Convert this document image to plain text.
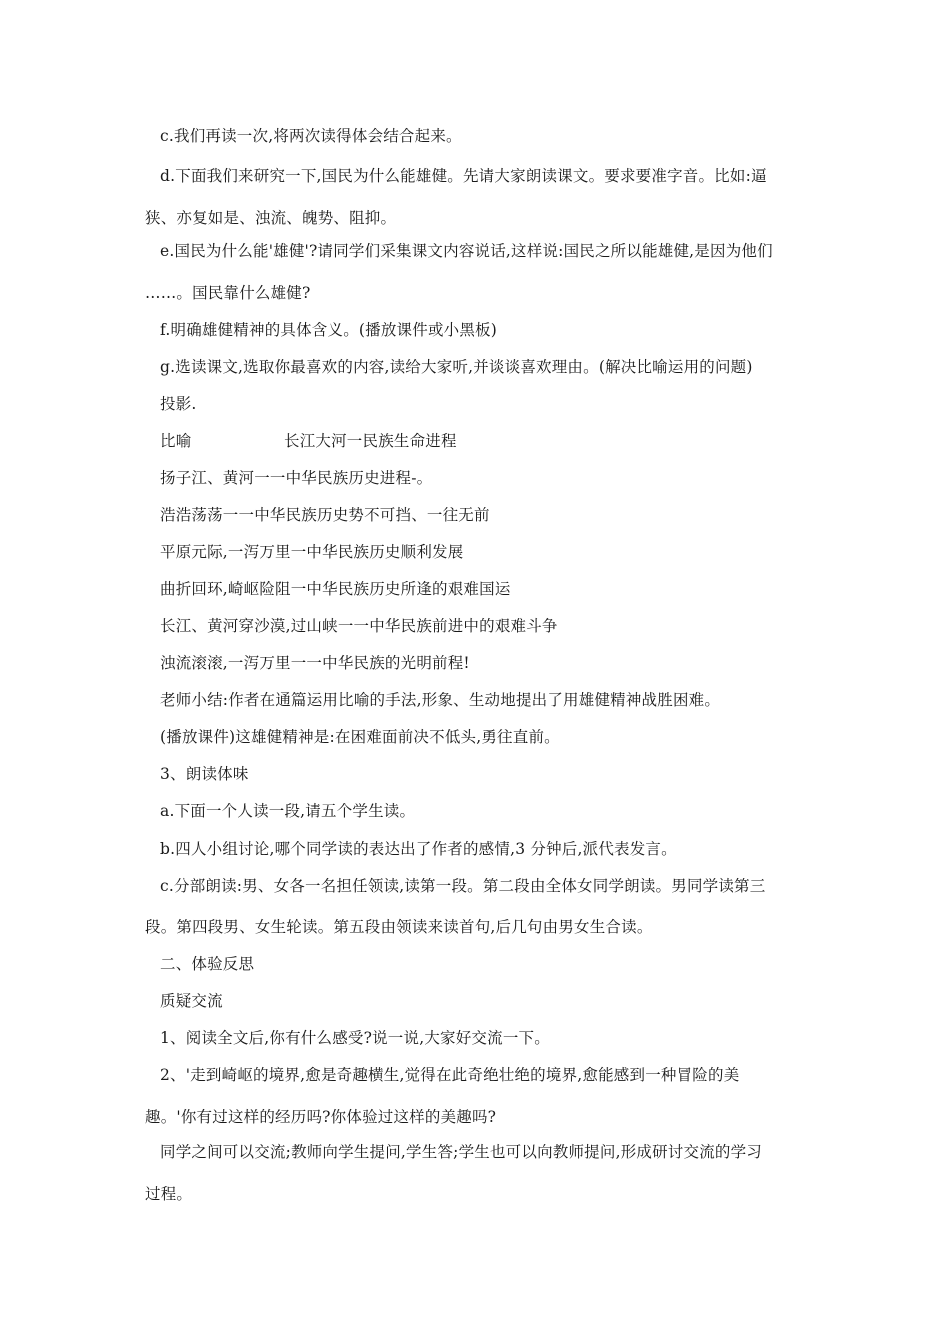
c.我们再读一次,将两次读得体会结合起来。
d.下面我们来研究一下,国民为什么能雄健。先请大家朗读课文。要求要准字音。比如:逼
狭、亦复如是、浊流、魄势、阻抑。
e.国民为什么能'雄健'?请同学们采集课文内容说话,这样说:国民之所以能雄健,是因为他们
……。国民靠什么雄健?
f.明确雄健精神的具体含义。(播放课件或小黑板)
g.选读课文,选取你最喜欢的内容,读给大家听,并谈谈喜欢理由。(解决比喻运用的问题)
投影.
比喻	长江大河一民族生命进程
扬子江、黄河一一中华民族历史进程-。
浩浩荡荡一一中华民族历史势不可挡、一往无前
平原元际,一泻万里一中华民族历史顺利发展
曲折回环,崎岖险阻一中华民族历史所逢的艰难国运
长江、黄河穿沙漠,过山峡一一中华民族前进中的艰难斗争
浊流滚滚,一泻万里一一中华民族的光明前程!
老师小结:作者在通篇运用比喻的手法,形象、生动地提出了用雄健精神战胜困难。
(播放课件)这雄健精神是:在困难面前决不低头,勇往直前。
3、朗读体味
a.下面一个人读一段,请五个学生读。
b.四人小组讨论,哪个同学读的表达出了作者的感情,3 分钟后,派代表发言。
c.分部朗读:男、女各一名担任领读,读第一段。第二段由全体女同学朗读。男同学读第三
段。第四段男、女生轮读。第五段由领读来读首句,后几句由男女生合读。
二、体验反思
质疑交流
1、阅读全文后,你有什么感受?说一说,大家好交流一下。
2、'走到崎岖的境界,愈是奇趣横生,觉得在此奇绝壮绝的境界,愈能感到一种冒险的美
趣。'你有过这样的经历吗?你体验过这样的美趣吗?
同学之间可以交流;教师向学生提问,学生答;学生也可以向教师提问,形成研讨交流的学习
过程。
